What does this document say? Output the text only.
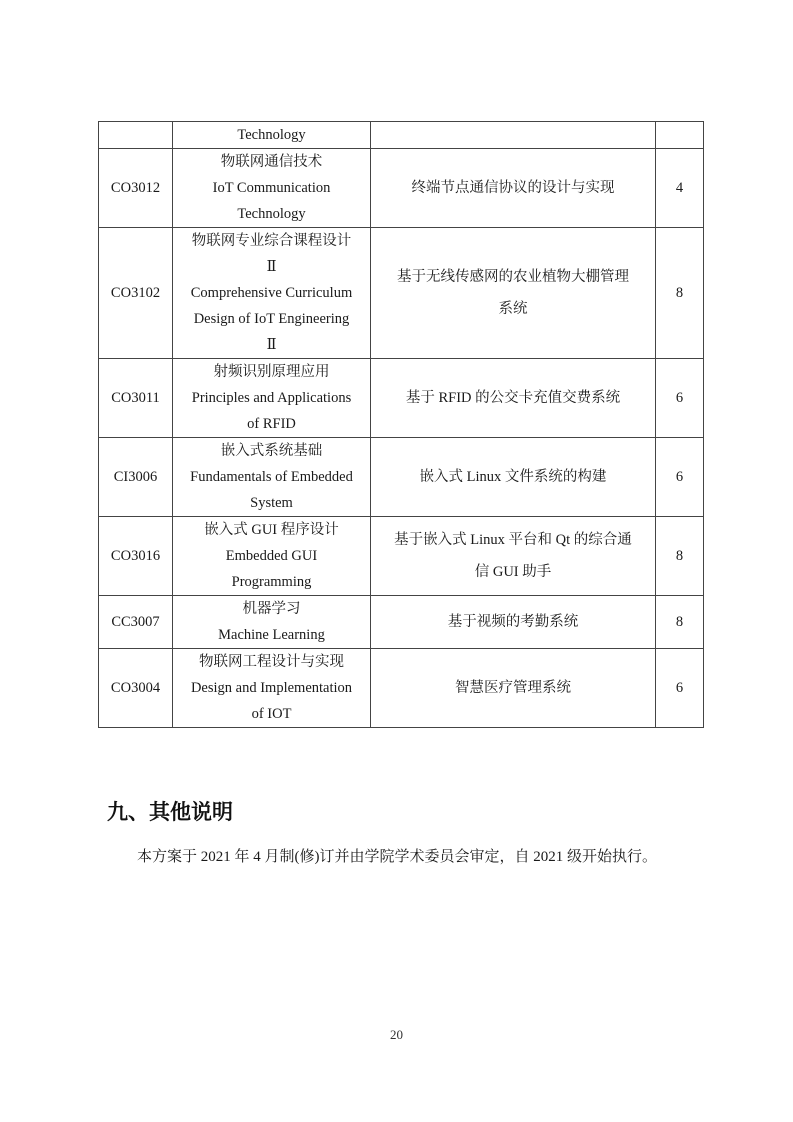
	Technology		

CO3012	物联网通信技术
IoT Communication
Technology	终端节点通信协议的设计与实现	4
CO3102	物联网专业综合课程设计
Ⅱ
Comprehensive Curriculum
Design of IoT Engineering
Ⅱ	基于无线传感网的农业植物大棚管理
系统	8
CO3011	射频识别原理应用
Principles and Applications
of RFID	基于 RFID 的公交卡充值交费系统	6
CI3006	嵌入式系统基础
Fundamentals of Embedded
System	嵌入式 Linux 文件系统的构建	6
CO3016	嵌入式 GUI 程序设计
Embedded GUI
Programming	基于嵌入式 Linux 平台和 Qt 的综合通
信 GUI 助手	8
CC3007	机器学习
Machine Learning	基于视频的考勤系统	8
CO3004	物联网工程设计与实现
Design and Implementation
of IOT	智慧医疗管理系统	6
九、其他说明

本方案于 2021 年 4 月制(修)订并由学院学术委员会审定，自 2021 级开始执行。

20
